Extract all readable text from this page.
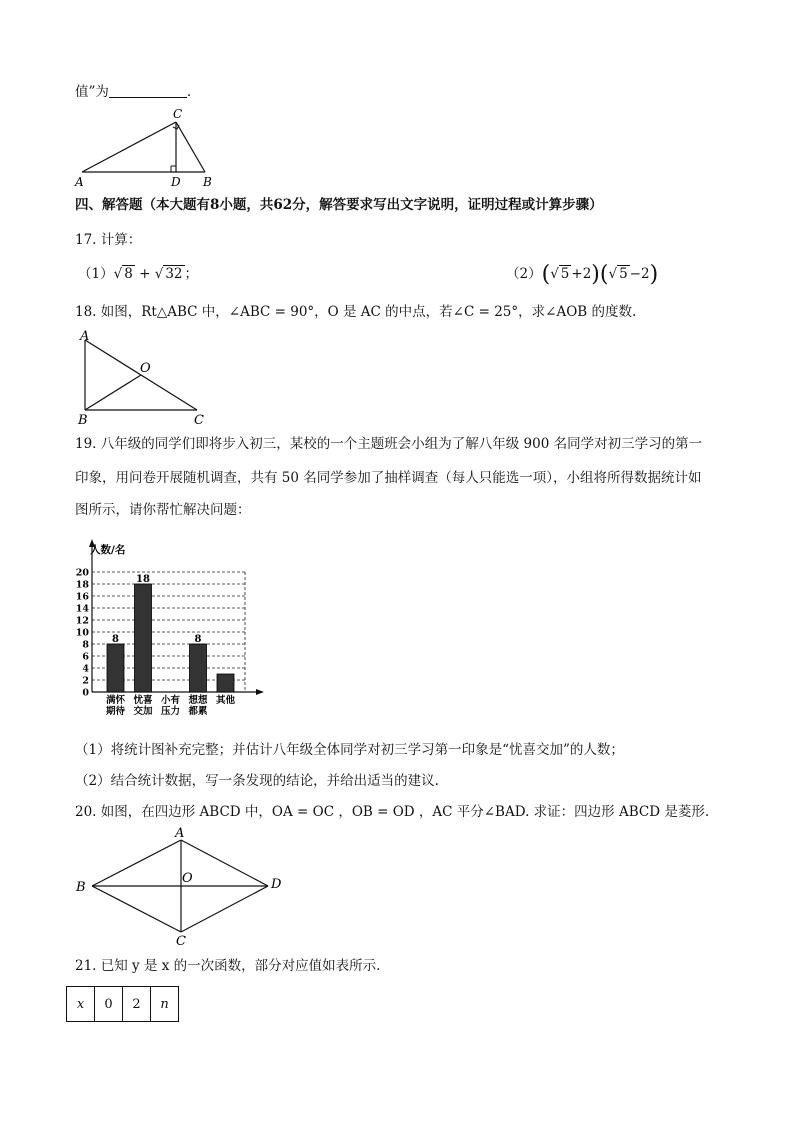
值”为	.
C
A	D B
四、解答题（本大题有8小题，共62分，解答要求写出文字说明，证明过程或计算步骤）
17. 计算：
（1）√ 8 + √ 32 ；	（2）(√ 5 +2)(√ 5 −2)
18. 如图，Rt△ABC 中，∠ABC = 90°，O 是 AC 的中点，若∠C = 25°，求∠AOB 的度数.
A
O
B	C
19. 八年级的同学们即将步入初三，某校的一个主题班会小组为了解八年级 900 名同学对初三学习的第一
印象，用问卷开展随机调查，共有 50 名同学参加了抽样调查（每人只能选一项），小组将所得数据统计如
图所示，请你帮忙解决问题：
人数/名
0
2
4
6
8
10
12
14
16
18
20
8
满怀
期待
18
忧喜
交加
小有
压力
8
想想
都累
其他
（1）将统计图补充完整；并估计八年级全体同学对初三学习第一印象是“忧喜交加”的人数；
（2）结合统计数据，写一条发现的结论，并给出适当的建议.
20. 如图，在四边形 ABCD 中，OA = OC ，OB = OD ，AC 平分∠BAD. 求证：四边形 ABCD 是菱形.
A
B
O	D
C
21. 已知 y 是 x 的一次函数，部分对应值如表所示.
x	0	2	n
